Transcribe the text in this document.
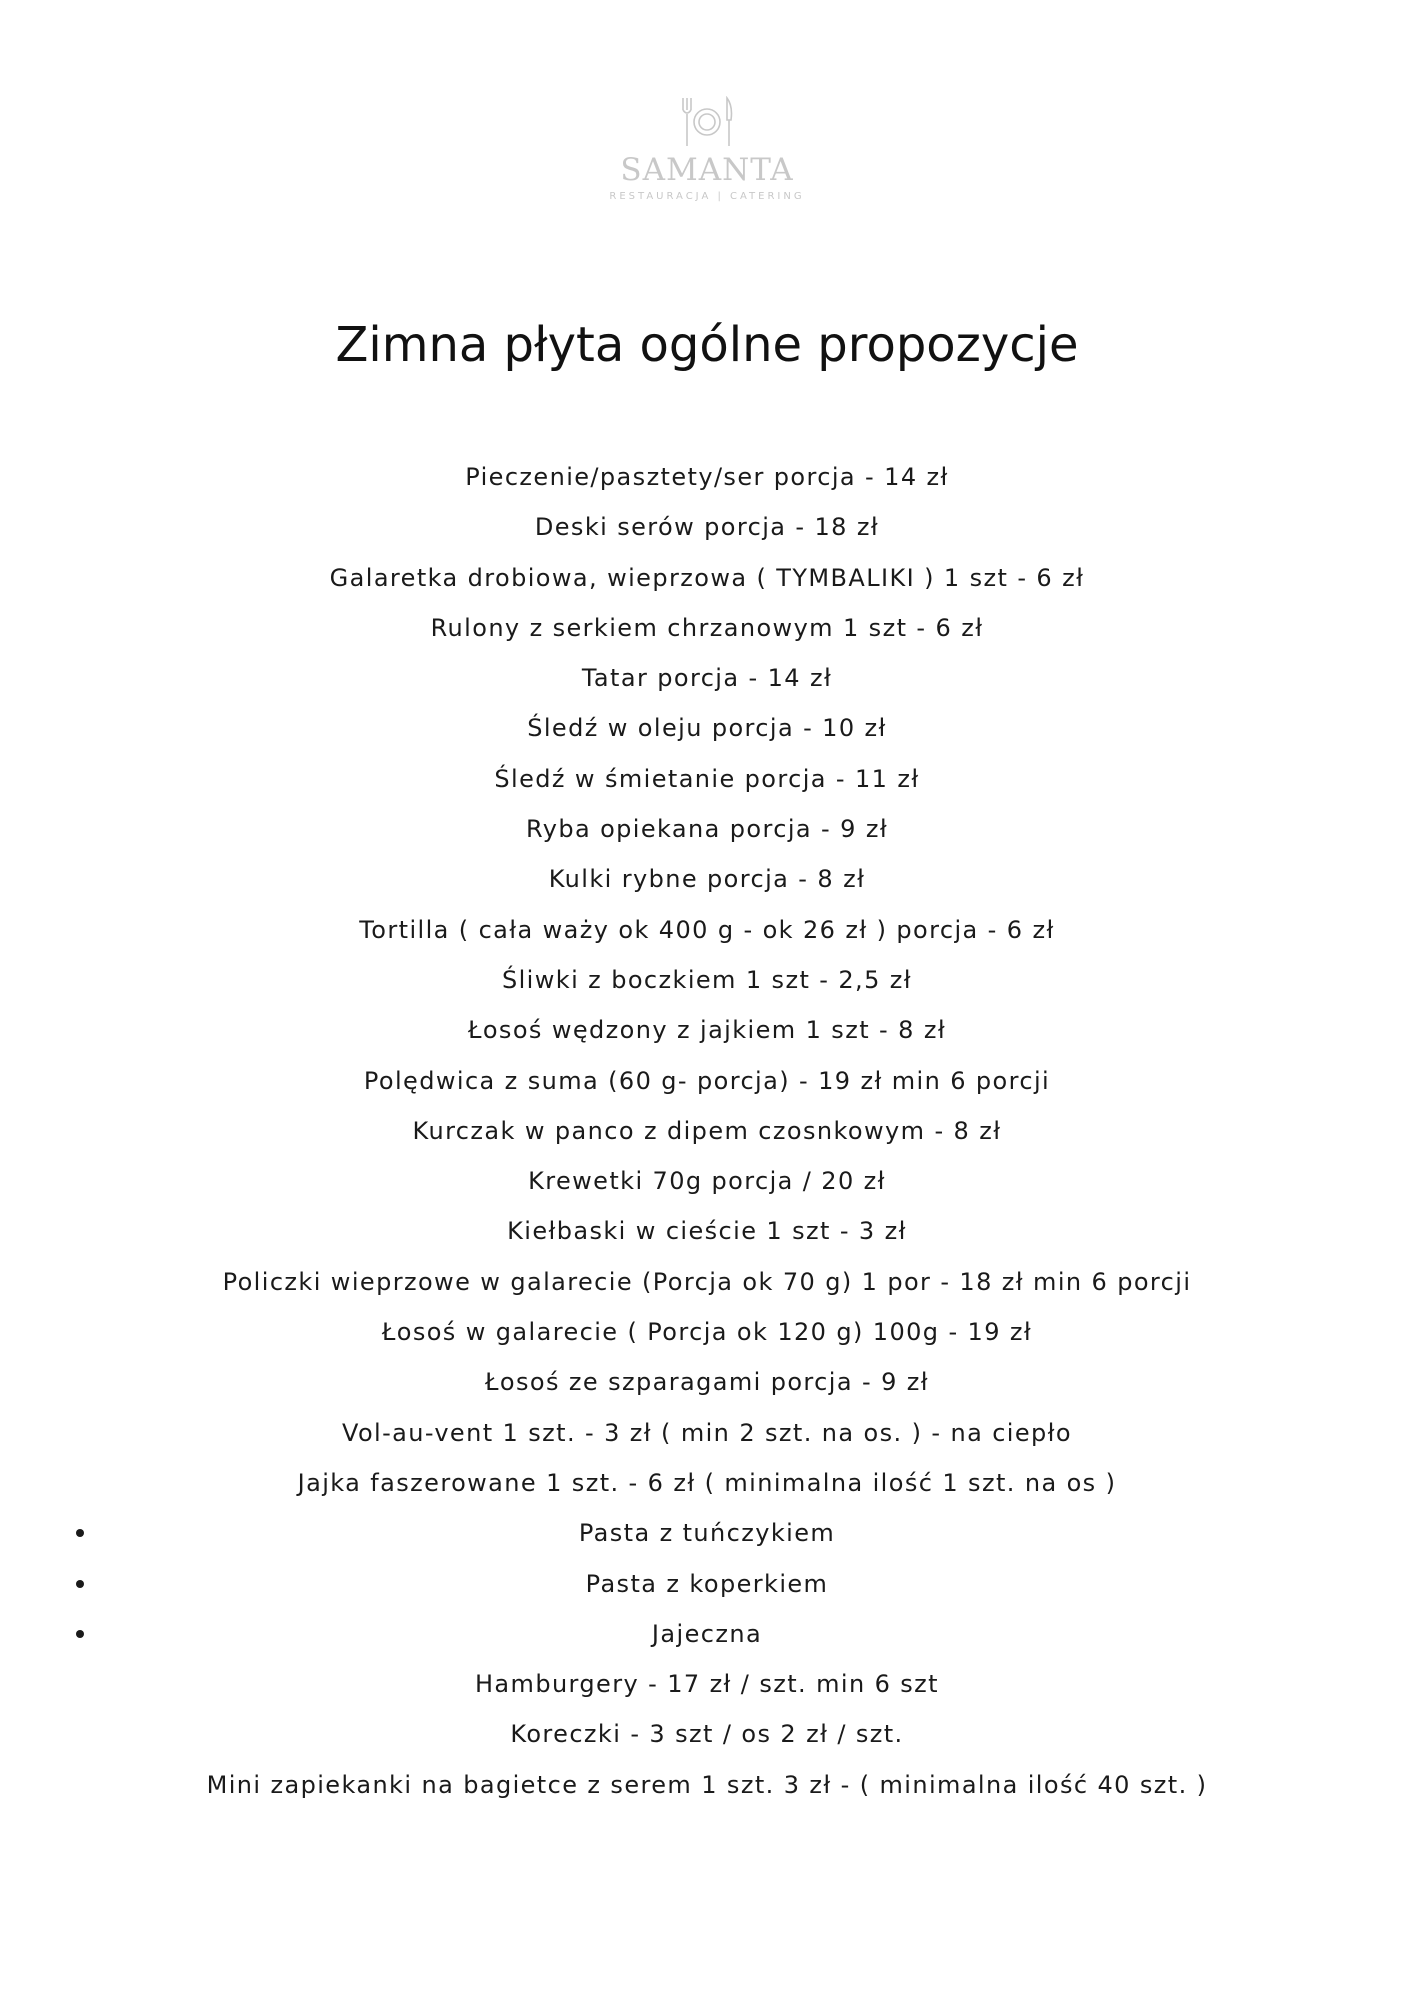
SAMANTA
RESTAURACJA | CATERING
Zimna płyta ogólne propozycje
Pieczenie/pasztety/ser porcja - 14 zł
Deski serów porcja - 18 zł
Galaretka drobiowa, wieprzowa ( TYMBALIKI ) 1 szt - 6 zł
Rulony z serkiem chrzanowym 1 szt - 6 zł
Tatar porcja - 14 zł
Śledź w oleju porcja - 10 zł
Śledź w śmietanie porcja - 11 zł
Ryba opiekana porcja - 9 zł
Kulki rybne porcja - 8 zł
Tortilla ( cała waży ok 400 g - ok 26 zł ) porcja - 6 zł
Śliwki z boczkiem 1 szt - 2,5 zł
Łosoś wędzony z jajkiem 1 szt - 8 zł
Polędwica z suma (60 g- porcja) - 19 zł min 6 porcji
Kurczak w panco z dipem czosnkowym - 8 zł
Krewetki 70g porcja / 20 zł
Kiełbaski w cieście 1 szt - 3 zł
Policzki wieprzowe w galarecie (Porcja ok 70 g) 1 por - 18 zł min 6 porcji
Łosoś w galarecie ( Porcja ok 120 g) 100g - 19 zł
Łosoś ze szparagami porcja - 9 zł
Vol-au-vent 1 szt. - 3 zł ( min 2 szt. na os. ) - na ciepło
Jajka faszerowane 1 szt. - 6 zł ( minimalna ilość 1 szt. na os )
Pasta z tuńczykiem
Pasta z koperkiem
Jajeczna
Hamburgery - 17 zł / szt. min 6 szt
Koreczki - 3 szt / os 2 zł / szt.
Mini zapiekanki na bagietce z serem 1 szt. 3 zł - ( minimalna ilość 40 szt. )
